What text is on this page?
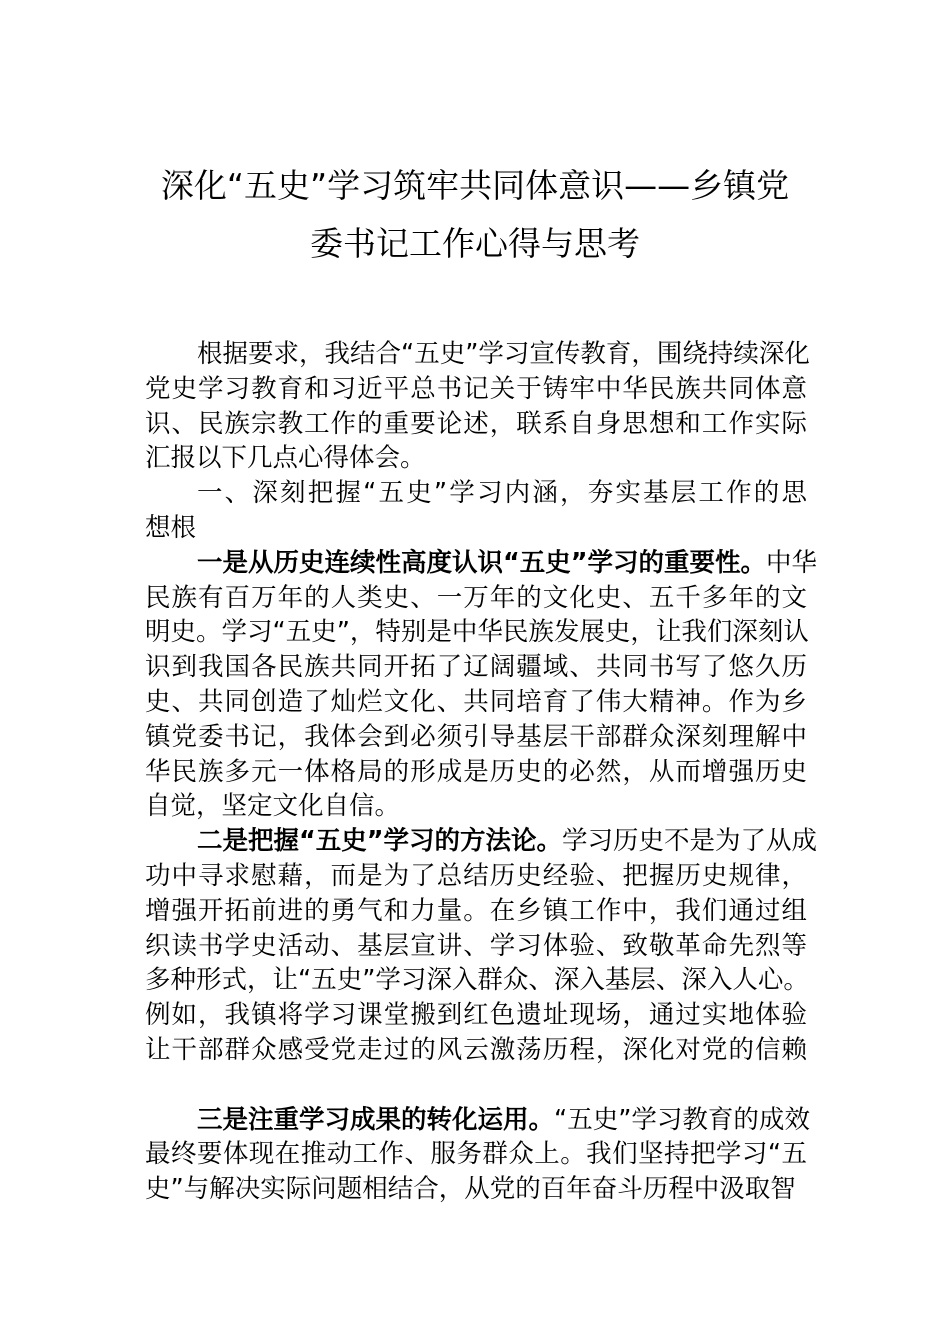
深化“五史”学习筑牢共同体意识——乡镇党
委书记工作心得与思考
根据要求，我结合“五史”学习宣传教育，围绕持续深化
党史学习教育和习近平总书记关于铸牢中华民族共同体意
识、民族宗教工作的重要论述，联系自身思想和工作实际
汇报以下几点心得体会。
一、深刻把握“五史”学习内涵，夯实基层工作的思
想根
一是从历史连续性高度认识“五史”学习的重要性。中华
民族有百万年的人类史、一万年的文化史、五千多年的文
明史。学习“五史”，特别是中华民族发展史，让我们深刻认
识到我国各民族共同开拓了辽阔疆域、共同书写了悠久历
史、共同创造了灿烂文化、共同培育了伟大精神。作为乡
镇党委书记，我体会到必须引导基层干部群众深刻理解中
华民族多元一体格局的形成是历史的必然，从而增强历史
自觉，坚定文化自信。
二是把握“五史”学习的方法论。学习历史不是为了从成
功中寻求慰藉，而是为了总结历史经验、把握历史规律，
增强开拓前进的勇气和力量。在乡镇工作中，我们通过组
织读书学史活动、基层宣讲、学习体验、致敬革命先烈等
多种形式，让“五史”学习深入群众、深入基层、深入人心。
例如，我镇将学习课堂搬到红色遗址现场，通过实地体验
让干部群众感受党走过的风云激荡历程，深化对党的信赖
三是注重学习成果的转化运用。“五史”学习教育的成效
最终要体现在推动工作、服务群众上。我们坚持把学习“五
史”与解决实际问题相结合，从党的百年奋斗历程中汲取智
